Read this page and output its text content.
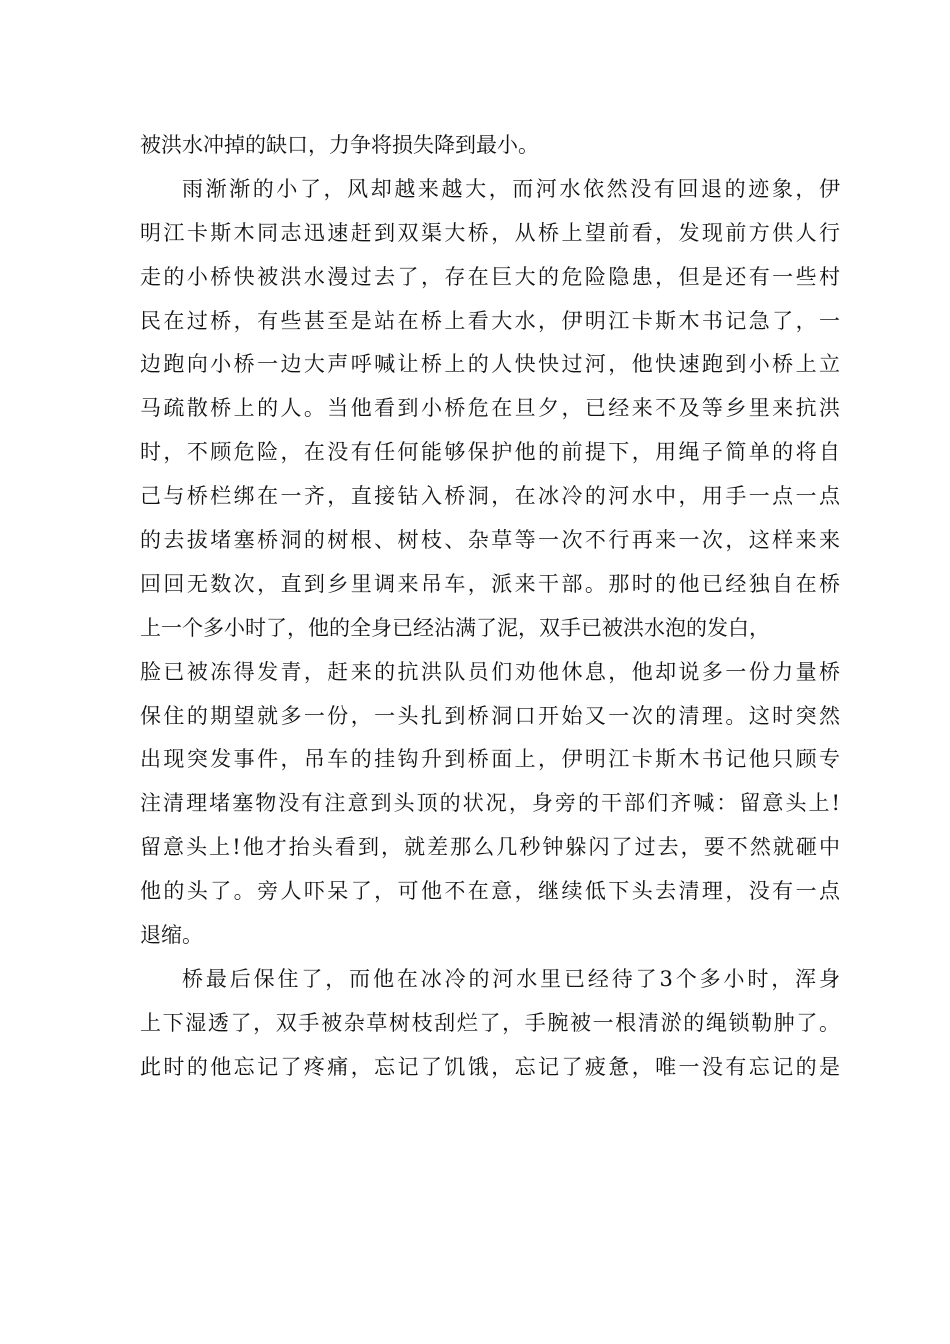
被洪水冲掉的缺口，力争将损失降到最小。

雨渐渐的小了，风却越来越大，而河水依然没有回退的迹象，伊

明江卡斯木同志迅速赶到双渠大桥，从桥上望前看，发现前方供人行

走的小桥快被洪水漫过去了，存在巨大的危险隐患，但是还有一些村

民在过桥，有些甚至是站在桥上看大水，伊明江卡斯木书记急了，一

边跑向小桥一边大声呼喊让桥上的人快快过河，他快速跑到小桥上立

马疏散桥上的人。当他看到小桥危在旦夕，已经来不及等乡里来抗洪

时，不顾危险，在没有任何能够保护他的前提下，用绳子简单的将自

己与桥栏绑在一齐，直接钻入桥洞，在冰冷的河水中，用手一点一点

的去拔堵塞桥洞的树根、树枝、杂草等一次不行再来一次，这样来来

回回无数次，直到乡里调来吊车，派来干部。那时的他已经独自在桥

上一个多小时了，他的全身已经沾满了泥，双手已被洪水泡的发白，

脸已被冻得发青，赶来的抗洪队员们劝他休息，他却说多一份力量桥

保住的期望就多一份，一头扎到桥洞口开始又一次的清理。这时突然

出现突发事件，吊车的挂钩升到桥面上，伊明江卡斯木书记他只顾专

注清理堵塞物没有注意到头顶的状况，身旁的干部们齐喊：留意头上!

留意头上!他才抬头看到，就差那么几秒钟躲闪了过去，要不然就砸中

他的头了。旁人吓呆了，可他不在意，继续低下头去清理，没有一点

退缩。

桥最后保住了，而他在冰冷的河水里已经待了3个多小时，浑身

上下湿透了，双手被杂草树枝刮烂了，手腕被一根清淤的绳锁勒肿了。

此时的他忘记了疼痛，忘记了饥饿，忘记了疲惫，唯一没有忘记的是
